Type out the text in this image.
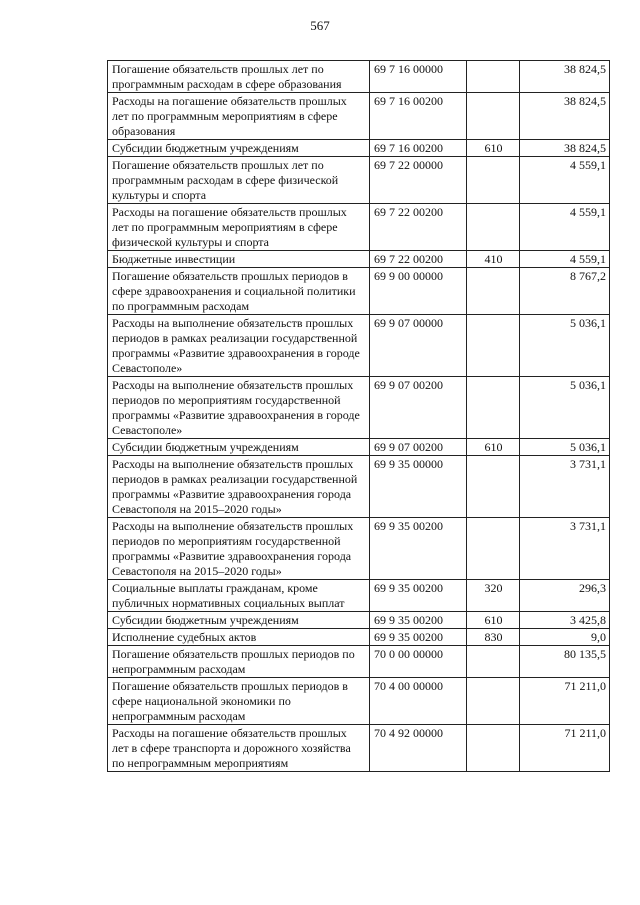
567
Погашение обязательств прошлых лет по программным расходам в сфере образования	69 7 16 00000		38 824,5
Расходы на погашение обязательств прошлых лет по программным мероприятиям в сфере образования	69 7 16 00200		38 824,5
Субсидии бюджетным учреждениям	69 7 16 00200	610	38 824,5
Погашение обязательств прошлых лет по программным расходам в сфере физической культуры и спорта	69 7 22 00000		4 559,1
Расходы на погашение обязательств прошлых лет по программным мероприятиям в сфере физической культуры и спорта	69 7 22 00200		4 559,1
Бюджетные инвестиции	69 7 22 00200	410	4 559,1
Погашение обязательств прошлых периодов в сфере здравоохранения и социальной политики по программным расходам	69 9 00 00000		8 767,2
Расходы на выполнение обязательств прошлых периодов в рамках реализации государственной программы «Развитие здравоохранения в городе Севастополе»	69 9 07 00000		5 036,1
Расходы на выполнение обязательств прошлых периодов по мероприятиям государственной программы «Развитие здравоохранения в городе Севастополе»	69 9 07 00200		5 036,1
Субсидии бюджетным учреждениям	69 9 07 00200	610	5 036,1
Расходы на выполнение обязательств прошлых периодов в рамках реализации государственной программы «Развитие здравоохранения города Севастополя на 2015–2020 годы»	69 9 35 00000		3 731,1
Расходы на выполнение обязательств прошлых периодов по мероприятиям государственной программы «Развитие здравоохранения города Севастополя на 2015–2020 годы»	69 9 35 00200		3 731,1
Социальные выплаты гражданам, кроме публичных нормативных социальных выплат	69 9 35 00200	320	296,3
Субсидии бюджетным учреждениям	69 9 35 00200	610	3 425,8
Исполнение судебных актов	69 9 35 00200	830	9,0
Погашение обязательств прошлых периодов по непрограммным расходам	70 0 00 00000		80 135,5
Погашение обязательств прошлых периодов в сфере национальной экономики по непрограммным расходам	70 4 00 00000		71 211,0
Расходы на погашение обязательств прошлых лет в сфере транспорта и дорожного хозяйства по непрограммным мероприятиям	70 4 92 00000		71 211,0
